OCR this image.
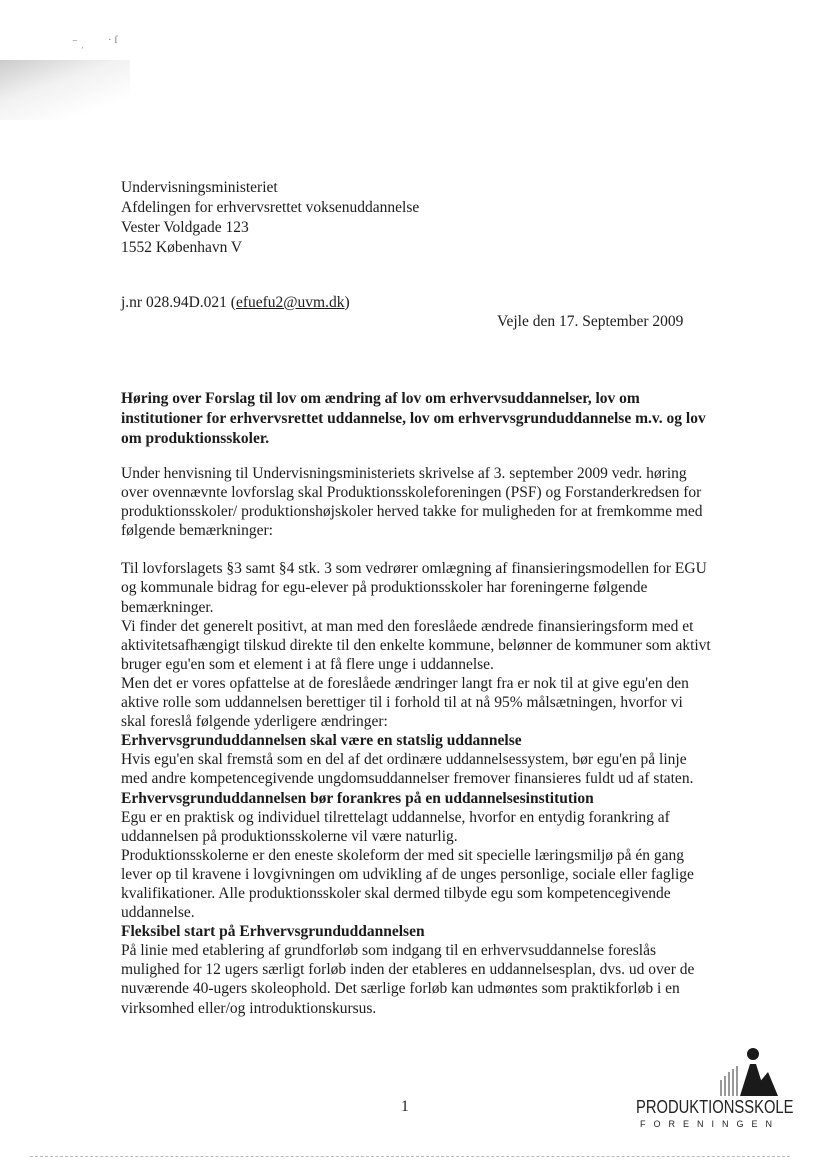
⁻ ˌ · ſ
Undervisningsministeriet
Afdelingen for erhvervsrettet voksenuddannelse
Vester Voldgade 123
1552 København V
j.nr 028.94D.021 (efuefu2@uvm.dk)
Vejle den 17. September 2009
Høring over Forslag til lov om ændring af lov om erhvervsuddannelser, lov om institutioner for erhvervsrettet uddannelse, lov om erhvervsgrunduddannelse m.v. og lov om produktionsskoler.

Under henvisning til Undervisningsministeriets skrivelse af 3. september 2009 vedr. høring over ovennævnte lovforslag skal Produktionsskoleforeningen (PSF) og Forstanderkredsen for produktionsskoler/ produktionshøjskoler herved takke for muligheden for at fremkomme med følgende bemærkninger:

Til lovforslagets §3 samt §4 stk. 3 som vedrører omlægning af finansieringsmodellen for EGU og kommunale bidrag for egu-elever på produktionsskoler har foreningerne følgende bemærkninger.

Vi finder det generelt positivt, at man med den foreslåede ændrede finansieringsform med et aktivitetsafhængigt tilskud direkte til den enkelte kommune, belønner de kommuner som aktivt bruger egu'en som et element i at få flere unge i uddannelse.

Men det er vores opfattelse at de foreslåede ændringer langt fra er nok til at give egu'en den aktive rolle som uddannelsen berettiger til i forhold til at nå 95% målsætningen, hvorfor vi skal foreslå følgende yderligere ændringer:

Erhvervsgrunduddannelsen skal være en statslig uddannelse

Hvis egu'en skal fremstå som en del af det ordinære uddannelsessystem, bør egu'en på linje med andre kompetencegivende ungdomsuddannelser fremover finansieres fuldt ud af staten.

Erhvervsgrunduddannelsen bør forankres på en uddannelsesinstitution

Egu er en praktisk og individuel tilrettelagt uddannelse, hvorfor en entydig forankring af uddannelsen på produktionsskolerne vil være naturlig.

Produktionsskolerne er den eneste skoleform der med sit specielle læringsmiljø på én gang lever op til kravene i lovgivningen om udvikling af de unges personlige, sociale eller faglige kvalifikationer. Alle produktionsskoler skal dermed tilbyde egu som kompetencegivende uddannelse.

Fleksibel start på Erhvervsgrunduddannelsen

På linie med etablering af grundforløb som indgang til en erhvervsuddannelse foreslås mulighed for 12 ugers særligt forløb inden der etableres en uddannelsesplan, dvs. ud over de nuværende 40-ugers skoleophold. Det særlige forløb kan udmøntes som praktikforløb i en virksomhed eller/og introduktionskursus.

1	PRODUKTIONSSKOLE
FORENINGEN
